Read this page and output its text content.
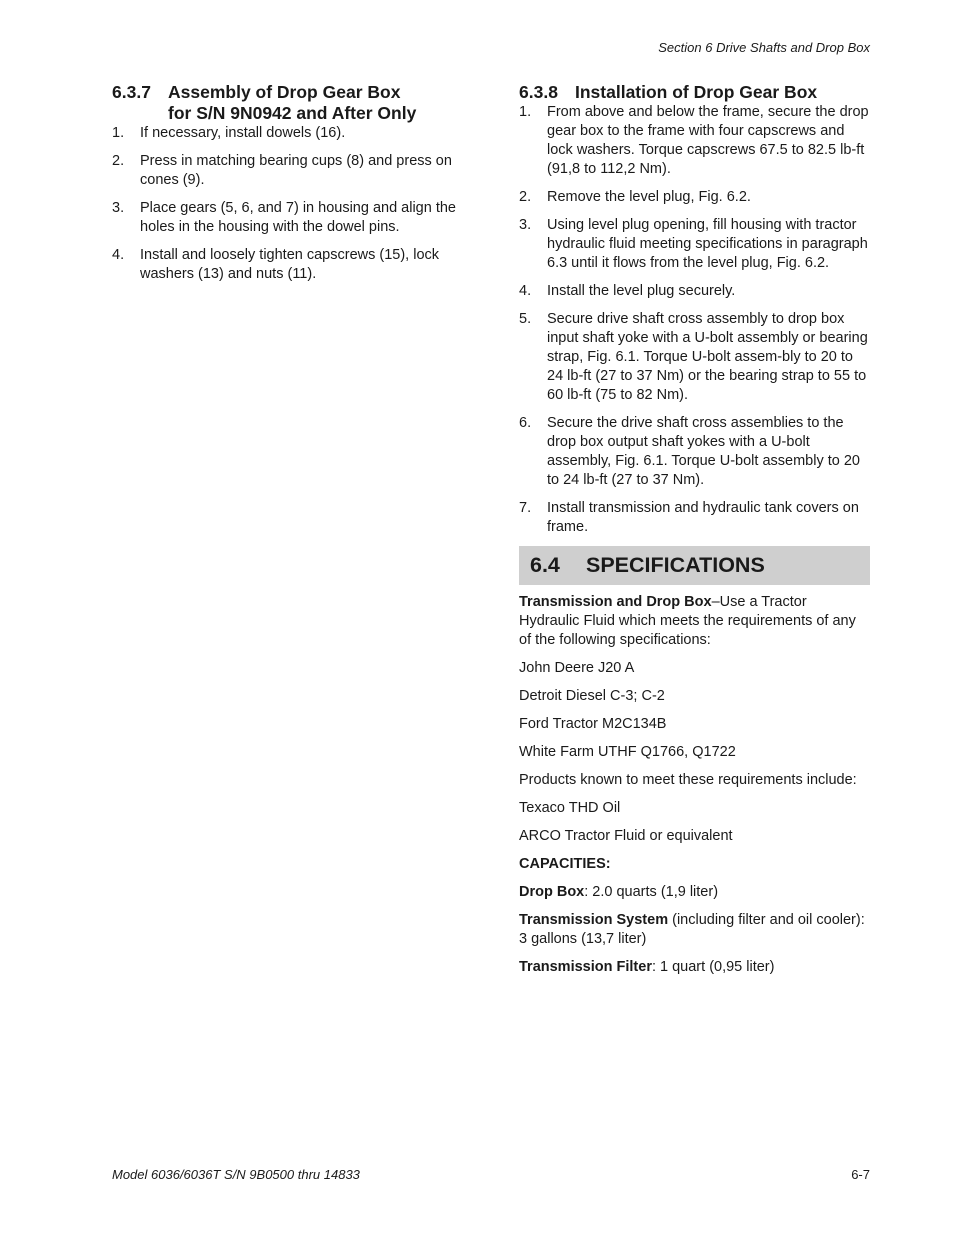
Section 6 Drive Shafts and Drop Box
6.3.7 Assembly of Drop Gear Box
for S/N 9N0942 and After Only
1.	If necessary, install dowels (16).
2.	Press in matching bearing cups (8) and press on cones (9).
3.	Place gears (5, 6, and 7) in housing and align the holes in the housing with the dowel pins.
4.	Install and loosely tighten capscrews (15), lock washers (13) and nuts (11).
6.3.8 Installation of Drop Gear Box
1.	From above and below the frame, secure the drop gear box to the frame with four capscrews and lock washers. Torque capscrews 67.5 to 82.5 lb-ft (91,8 to 112,2 Nm).
2.	Remove the level plug, Fig. 6.2.
3.	Using level plug opening, fill housing with tractor hydraulic fluid meeting specifications in paragraph 6.3 until it flows from the level plug, Fig. 6.2.
4.	Install the level plug securely.
5.	Secure drive shaft cross assembly to drop box input shaft yoke with a U-bolt assembly or bearing strap, Fig. 6.1. Torque U-bolt assem-bly to 20 to 24 lb-ft (27 to 37 Nm) or the bearing strap to 55 to 60 lb-ft (75 to 82 Nm).
6.	Secure the drive shaft cross assemblies to the drop box output shaft yokes with a U-bolt assembly, Fig. 6.1. Torque U-bolt assembly to 20 to 24 lb-ft (27 to 37 Nm).
7.	Install transmission and hydraulic tank covers on frame.
6.4	SPECIFICATIONS

Transmission and Drop Box–Use a Tractor Hydraulic Fluid which meets the requirements of any of the following specifications:

John Deere J20 A

Detroit Diesel C-3; C-2

Ford Tractor M2C134B

White Farm UTHF Q1766, Q1722

Products known to meet these requirements include:

Texaco THD Oil

ARCO Tractor Fluid or equivalent

CAPACITIES:

Drop Box: 2.0 quarts (1,9 liter)

Transmission System (including filter and oil cooler): 3 gallons (13,7 liter)

Transmission Filter: 1 quart (0,95 liter)

Model 6036/6036T S/N 9B0500 thru 14833	6-7
